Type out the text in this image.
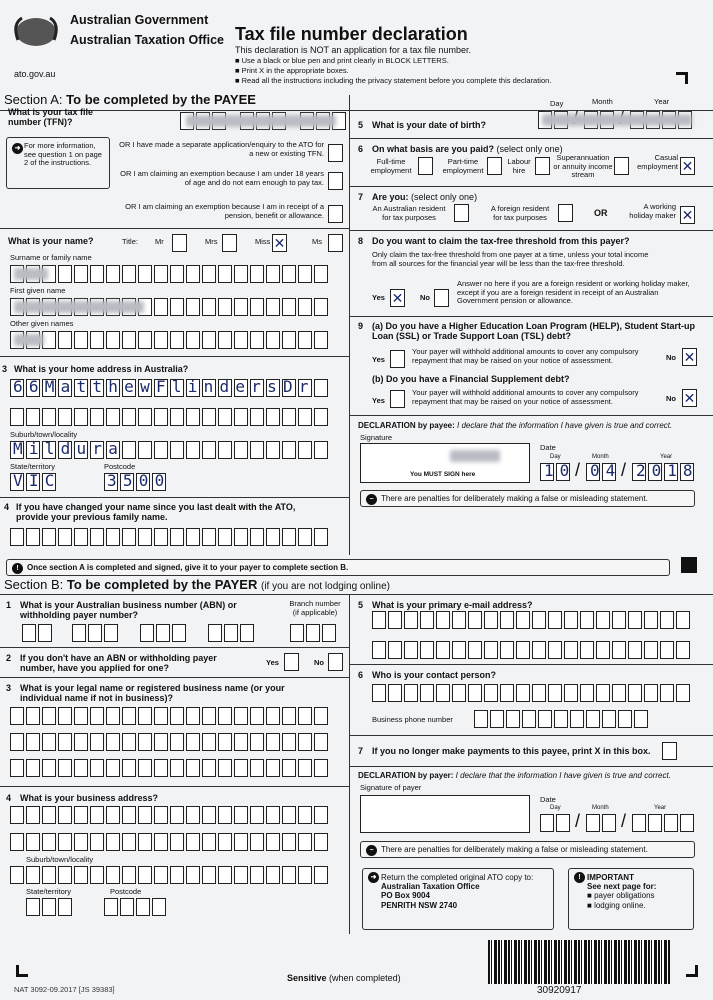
Australian Government
Australian Taxation Office
ato.gov.au
Tax file number declaration
This declaration is NOT an application for a tax file number.
■ Use a black or blue pen and print clearly in BLOCK LETTERS.
■ Print X in the appropriate boxes.
■ Read all the instructions including the privacy statement before you complete this declaration.
Section A: To be completed by the PAYEE
What is your tax file number (TFN)?
➜ For more information, see question 1 on page 2 of the instructions.
OR I have made a separate application/enquiry to the ATO for a new or existing TFN.
OR I am claiming an exemption because I am under 18 years of age and do not earn enough to pay tax.
OR I am claiming an exemption because I am in receipt of a pension, benefit or allowance.
What is your name?	Title: Mr	Mrs	Miss ✕	Ms
Surname or family name
First given name
Other given names
3 What is your home address in Australia?
66MatthewFlindersDr
Suburb/town/locality
Mildura
State/territory
VIC
Postcode
3500
4 If you have changed your name since you last dealt with the ATO, provide your previous family name.
5 What is your date of birth?
Day	Month	Year
6 On what basis are you paid? (select only one)
Full-time employment
Part-time employment
Labour hire
Superannuation or annuity income stream
Casual employment ✕
7 Are you: (select only one)
An Australian resident for tax purposes
A foreign resident for tax purposes	OR
A working holiday maker ✕
8 Do you want to claim the tax-free threshold from this payer?
Only claim the tax-free threshold from one payer at a time, unless your total income from all sources for the financial year will be less than the tax-free threshold.
Yes ✕ No
Answer no here if you are a foreign resident or working holiday maker, except if you are a foreign resident in receipt of an Australian Government pension or allowance.
9 (a) Do you have a Higher Education Loan Program (HELP), Student Start-up Loan (SSL) or Trade Support Loan (TSL) debt?
Yes
Your payer will withhold additional amounts to cover any compulsory repayment that may be raised on your notice of assessment.	No ✕
(b) Do you have a Financial Supplement debt?
Yes
Your payer will withhold additional amounts to cover any compulsory repayment that may be raised on your notice of assessment.	No ✕
DECLARATION by payee: I declare that the information I have given is true and correct.
Signature
You MUST SIGN here
Date
Day	Month	Year
10 / 04 / 2018
− There are penalties for deliberately making a false or misleading statement.
!	Once section A is completed and signed, give it to your payer to complete section B.
Section B: To be completed by the PAYER (if you are not lodging online)
1 What is your Australian business number (ABN) or withholding payer number?
Branch number (if applicable)
2 If you don't have an ABN or withholding payer number, have you applied for one?
Yes	No
3 What is your legal name or registered business name (or your individual name if not in business)?
4 What is your business address?
Suburb/town/locality
State/territory	Postcode
5 What is your primary e-mail address?
6 Who is your contact person?
Business phone number
7 If you no longer make payments to this payee, print X in this box.
DECLARATION by payer: I declare that the information I have given is true and correct.
Signature of payer
Date
Day	Month	Year
/ /
− There are penalties for deliberately making a false or misleading statement.
➜ Return the completed original ATO copy to:
Australian Taxation Office
PO Box 9004
PENRITH NSW 2740
! IMPORTANT
See next page for:
■ payer obligations
■ lodging online.
NAT 3092-09.2017 [JS 39383]
Sensitive (when completed)
30920917
